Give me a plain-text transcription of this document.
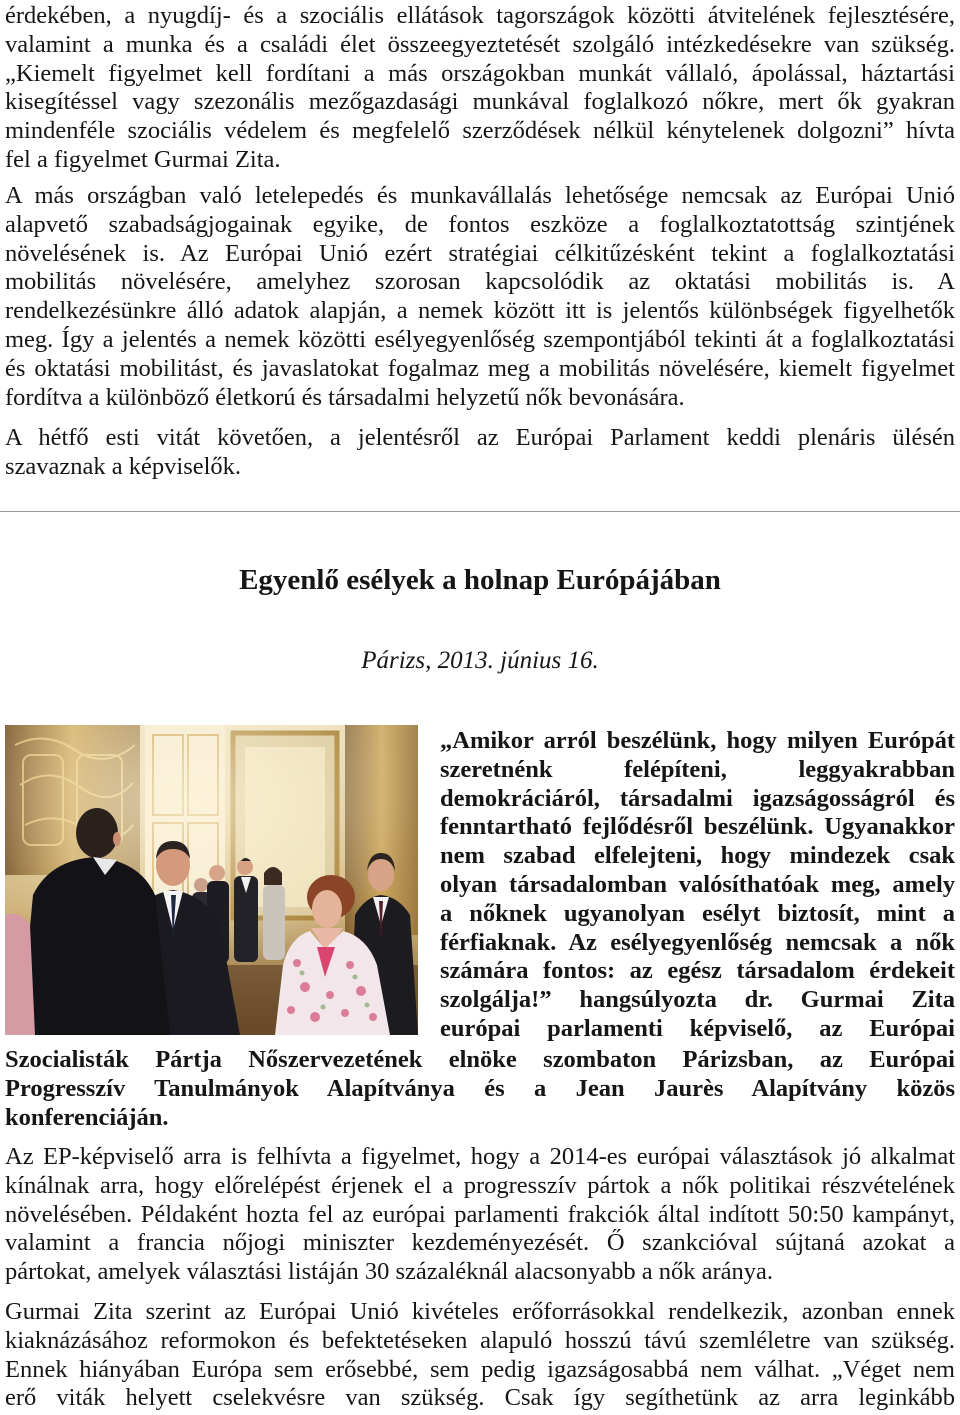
érdekében, a nyugdíj- és a szociális ellátások tagországok közötti átvitelének fejlesztésére,
valamint a munka és a családi élet összeegyeztetését szolgáló intézkedésekre van szükség.
„Kiemelt figyelmet kell fordítani a más országokban munkát vállaló, ápolással, háztartási
kisegítéssel vagy szezonális mezőgazdasági munkával foglalkozó nőkre, mert ők gyakran
mindenféle szociális védelem és megfelelő szerződések nélkül kénytelenek dolgozni” hívta
fel a figyelmet Gurmai Zita.
A más országban való letelepedés és munkavállalás lehetősége nemcsak az Európai Unió
alapvető szabadságjogainak egyike, de fontos eszköze a foglalkoztatottság szintjének
növelésének is. Az Európai Unió ezért stratégiai célkitűzésként tekint a foglalkoztatási
mobilitás növelésére, amelyhez szorosan kapcsolódik az oktatási mobilitás is. A
rendelkezésünkre álló adatok alapján, a nemek között itt is jelentős különbségek figyelhetők
meg. Így a jelentés a nemek közötti esélyegyenlőség szempontjából tekinti át a foglalkoztatási
és oktatási mobilitást, és javaslatokat fogalmaz meg a mobilitás növelésére, kiemelt figyelmet
fordítva a különböző életkorú és társadalmi helyzetű nők bevonására.
A hétfő esti vitát követően, a jelentésről az Európai Parlament keddi plenáris ülésén
szavaznak a képviselők.
Egyenlő esélyek a holnap Európájában
Párizs, 2013. június 16.
„Amikor arról beszélünk, hogy milyen Európát
szeretnénk felépíteni, leggyakrabban
demokráciáról, társadalmi igazságosságról és
fenntartható fejlődésről beszélünk. Ugyanakkor
nem szabad elfelejteni, hogy mindezek csak
olyan társadalomban valósíthatóak meg, amely
a nőknek ugyanolyan esélyt biztosít, mint a
férfiaknak. Az esélyegyenlőség nemcsak a nők
számára fontos: az egész társadalom érdekeit
szolgálja!” hangsúlyozta dr. Gurmai Zita
európai parlamenti képviselő, az Európai
Szocialisták Pártja Nőszervezetének elnöke szombaton Párizsban, az Európai
Progresszív Tanulmányok Alapítványa és a Jean Jaurès Alapítvány közös
konferenciáján.
Az EP-képviselő arra is felhívta a figyelmet, hogy a 2014-es európai választások jó alkalmat
kínálnak arra, hogy előrelépést érjenek el a progresszív pártok a nők politikai részvételének
növelésében. Példaként hozta fel az európai parlamenti frakciók által indított 50:50 kampányt,
valamint a francia nőjogi miniszter kezdeményezését. Ő szankcióval sújtaná azokat a
pártokat, amelyek választási listáján 30 százaléknál alacsonyabb a nők aránya.
Gurmai Zita szerint az Európai Unió kivételes erőforrásokkal rendelkezik, azonban ennek
kiaknázásához reformokon és befektetéseken alapuló hosszú távú szemléletre van szükség.
Ennek hiányában Európa sem erősebbé, sem pedig igazságosabbá nem válhat. „Véget nem
erő viták helyett cselekvésre van szükség. Csak így segíthetünk az arra leginkább
